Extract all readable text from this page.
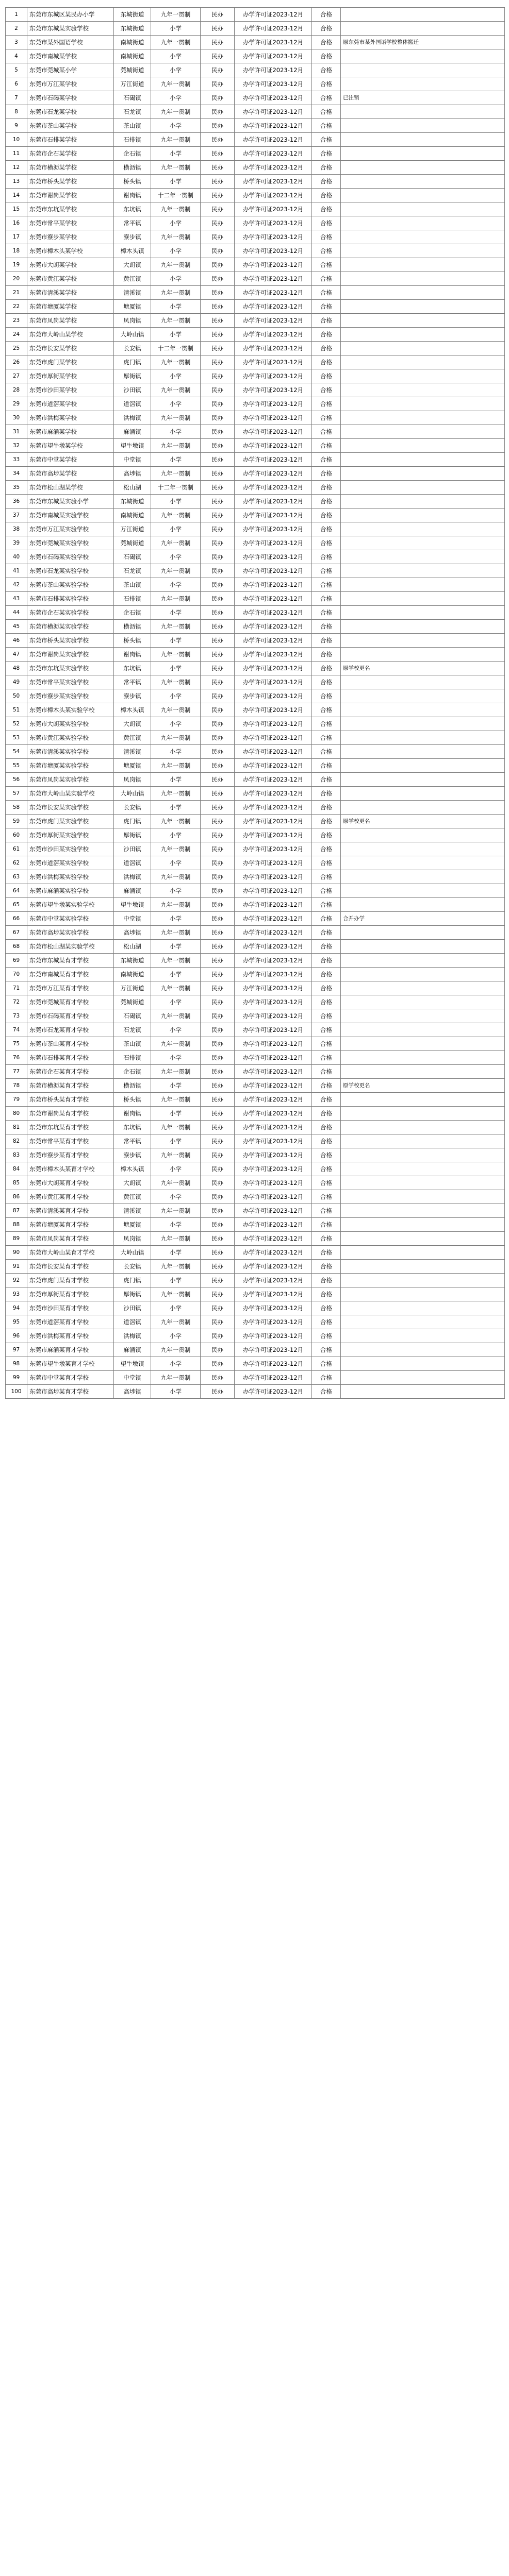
1	东莞市东城区某民办小学	东城街道	九年一贯制	民办	办学许可证2023-12月	合格	
2	东莞市东城某实验学校	东城街道	小学	民办	办学许可证2023-12月	合格	
3	东莞市某外国语学校	南城街道	九年一贯制	民办	办学许可证2023-12月	合格	原东莞市某外国语学校整体搬迁
4	东莞市南城某学校	南城街道	小学	民办	办学许可证2023-12月	合格	
5	东莞市莞城某小学	莞城街道	小学	民办	办学许可证2023-12月	合格	
6	东莞市万江某学校	万江街道	九年一贯制	民办	办学许可证2023-12月	合格	
7	东莞市石碣某学校	石碣镇	小学	民办	办学许可证2023-12月	合格	已注销
8	东莞市石龙某学校	石龙镇	九年一贯制	民办	办学许可证2023-12月	合格	
9	东莞市茶山某学校	茶山镇	小学	民办	办学许可证2023-12月	合格	
10	东莞市石排某学校	石排镇	九年一贯制	民办	办学许可证2023-12月	合格	
11	东莞市企石某学校	企石镇	小学	民办	办学许可证2023-12月	合格	
12	东莞市横沥某学校	横沥镇	九年一贯制	民办	办学许可证2023-12月	合格	
13	东莞市桥头某学校	桥头镇	小学	民办	办学许可证2023-12月	合格	
14	东莞市谢岗某学校	谢岗镇	十二年一贯制	民办	办学许可证2023-12月	合格	
15	东莞市东坑某学校	东坑镇	九年一贯制	民办	办学许可证2023-12月	合格	
16	东莞市常平某学校	常平镇	小学	民办	办学许可证2023-12月	合格	
17	东莞市寮步某学校	寮步镇	九年一贯制	民办	办学许可证2023-12月	合格	
18	东莞市樟木头某学校	樟木头镇	小学	民办	办学许可证2023-12月	合格	
19	东莞市大朗某学校	大朗镇	九年一贯制	民办	办学许可证2023-12月	合格	
20	东莞市黄江某学校	黄江镇	小学	民办	办学许可证2023-12月	合格	
21	东莞市清溪某学校	清溪镇	九年一贯制	民办	办学许可证2023-12月	合格	
22	东莞市塘厦某学校	塘厦镇	小学	民办	办学许可证2023-12月	合格	
23	东莞市凤岗某学校	凤岗镇	九年一贯制	民办	办学许可证2023-12月	合格	
24	东莞市大岭山某学校	大岭山镇	小学	民办	办学许可证2023-12月	合格	
25	东莞市长安某学校	长安镇	十二年一贯制	民办	办学许可证2023-12月	合格	
26	东莞市虎门某学校	虎门镇	九年一贯制	民办	办学许可证2023-12月	合格	
27	东莞市厚街某学校	厚街镇	小学	民办	办学许可证2023-12月	合格	
28	东莞市沙田某学校	沙田镇	九年一贯制	民办	办学许可证2023-12月	合格	
29	东莞市道滘某学校	道滘镇	小学	民办	办学许可证2023-12月	合格	
30	东莞市洪梅某学校	洪梅镇	九年一贯制	民办	办学许可证2023-12月	合格	
31	东莞市麻涌某学校	麻涌镇	小学	民办	办学许可证2023-12月	合格	
32	东莞市望牛墩某学校	望牛墩镇	九年一贯制	民办	办学许可证2023-12月	合格	
33	东莞市中堂某学校	中堂镇	小学	民办	办学许可证2023-12月	合格	
34	东莞市高埗某学校	高埗镇	九年一贯制	民办	办学许可证2023-12月	合格	
35	东莞市松山湖某学校	松山湖	十二年一贯制	民办	办学许可证2023-12月	合格	
36	东莞市东城某实验小学	东城街道	小学	民办	办学许可证2023-12月	合格	
37	东莞市南城某实验学校	南城街道	九年一贯制	民办	办学许可证2023-12月	合格	
38	东莞市万江某实验学校	万江街道	小学	民办	办学许可证2023-12月	合格	
39	东莞市莞城某实验学校	莞城街道	九年一贯制	民办	办学许可证2023-12月	合格	
40	东莞市石碣某实验学校	石碣镇	小学	民办	办学许可证2023-12月	合格	
41	东莞市石龙某实验学校	石龙镇	九年一贯制	民办	办学许可证2023-12月	合格	
42	东莞市茶山某实验学校	茶山镇	小学	民办	办学许可证2023-12月	合格	
43	东莞市石排某实验学校	石排镇	九年一贯制	民办	办学许可证2023-12月	合格	
44	东莞市企石某实验学校	企石镇	小学	民办	办学许可证2023-12月	合格	
45	东莞市横沥某实验学校	横沥镇	九年一贯制	民办	办学许可证2023-12月	合格	
46	东莞市桥头某实验学校	桥头镇	小学	民办	办学许可证2023-12月	合格	
47	东莞市谢岗某实验学校	谢岗镇	九年一贯制	民办	办学许可证2023-12月	合格	
48	东莞市东坑某实验学校	东坑镇	小学	民办	办学许可证2023-12月	合格	原学校更名
49	东莞市常平某实验学校	常平镇	九年一贯制	民办	办学许可证2023-12月	合格	
50	东莞市寮步某实验学校	寮步镇	小学	民办	办学许可证2023-12月	合格	
51	东莞市樟木头某实验学校	樟木头镇	九年一贯制	民办	办学许可证2023-12月	合格	
52	东莞市大朗某实验学校	大朗镇	小学	民办	办学许可证2023-12月	合格	
53	东莞市黄江某实验学校	黄江镇	九年一贯制	民办	办学许可证2023-12月	合格	
54	东莞市清溪某实验学校	清溪镇	小学	民办	办学许可证2023-12月	合格	
55	东莞市塘厦某实验学校	塘厦镇	九年一贯制	民办	办学许可证2023-12月	合格	
56	东莞市凤岗某实验学校	凤岗镇	小学	民办	办学许可证2023-12月	合格	
57	东莞市大岭山某实验学校	大岭山镇	九年一贯制	民办	办学许可证2023-12月	合格	
58	东莞市长安某实验学校	长安镇	小学	民办	办学许可证2023-12月	合格	
59	东莞市虎门某实验学校	虎门镇	九年一贯制	民办	办学许可证2023-12月	合格	原学校更名
60	东莞市厚街某实验学校	厚街镇	小学	民办	办学许可证2023-12月	合格	
61	东莞市沙田某实验学校	沙田镇	九年一贯制	民办	办学许可证2023-12月	合格	
62	东莞市道滘某实验学校	道滘镇	小学	民办	办学许可证2023-12月	合格	
63	东莞市洪梅某实验学校	洪梅镇	九年一贯制	民办	办学许可证2023-12月	合格	
64	东莞市麻涌某实验学校	麻涌镇	小学	民办	办学许可证2023-12月	合格	
65	东莞市望牛墩某实验学校	望牛墩镇	九年一贯制	民办	办学许可证2023-12月	合格	
66	东莞市中堂某实验学校	中堂镇	小学	民办	办学许可证2023-12月	合格	合并办学
67	东莞市高埗某实验学校	高埗镇	九年一贯制	民办	办学许可证2023-12月	合格	
68	东莞市松山湖某实验学校	松山湖	小学	民办	办学许可证2023-12月	合格	
69	东莞市东城某育才学校	东城街道	九年一贯制	民办	办学许可证2023-12月	合格	
70	东莞市南城某育才学校	南城街道	小学	民办	办学许可证2023-12月	合格	
71	东莞市万江某育才学校	万江街道	九年一贯制	民办	办学许可证2023-12月	合格	
72	东莞市莞城某育才学校	莞城街道	小学	民办	办学许可证2023-12月	合格	
73	东莞市石碣某育才学校	石碣镇	九年一贯制	民办	办学许可证2023-12月	合格	
74	东莞市石龙某育才学校	石龙镇	小学	民办	办学许可证2023-12月	合格	
75	东莞市茶山某育才学校	茶山镇	九年一贯制	民办	办学许可证2023-12月	合格	
76	东莞市石排某育才学校	石排镇	小学	民办	办学许可证2023-12月	合格	
77	东莞市企石某育才学校	企石镇	九年一贯制	民办	办学许可证2023-12月	合格	
78	东莞市横沥某育才学校	横沥镇	小学	民办	办学许可证2023-12月	合格	原学校更名
79	东莞市桥头某育才学校	桥头镇	九年一贯制	民办	办学许可证2023-12月	合格	
80	东莞市谢岗某育才学校	谢岗镇	小学	民办	办学许可证2023-12月	合格	
81	东莞市东坑某育才学校	东坑镇	九年一贯制	民办	办学许可证2023-12月	合格	
82	东莞市常平某育才学校	常平镇	小学	民办	办学许可证2023-12月	合格	
83	东莞市寮步某育才学校	寮步镇	九年一贯制	民办	办学许可证2023-12月	合格	
84	东莞市樟木头某育才学校	樟木头镇	小学	民办	办学许可证2023-12月	合格	
85	东莞市大朗某育才学校	大朗镇	九年一贯制	民办	办学许可证2023-12月	合格	
86	东莞市黄江某育才学校	黄江镇	小学	民办	办学许可证2023-12月	合格	
87	东莞市清溪某育才学校	清溪镇	九年一贯制	民办	办学许可证2023-12月	合格	
88	东莞市塘厦某育才学校	塘厦镇	小学	民办	办学许可证2023-12月	合格	
89	东莞市凤岗某育才学校	凤岗镇	九年一贯制	民办	办学许可证2023-12月	合格	
90	东莞市大岭山某育才学校	大岭山镇	小学	民办	办学许可证2023-12月	合格	
91	东莞市长安某育才学校	长安镇	九年一贯制	民办	办学许可证2023-12月	合格	
92	东莞市虎门某育才学校	虎门镇	小学	民办	办学许可证2023-12月	合格	
93	东莞市厚街某育才学校	厚街镇	九年一贯制	民办	办学许可证2023-12月	合格	
94	东莞市沙田某育才学校	沙田镇	小学	民办	办学许可证2023-12月	合格	
95	东莞市道滘某育才学校	道滘镇	九年一贯制	民办	办学许可证2023-12月	合格	
96	东莞市洪梅某育才学校	洪梅镇	小学	民办	办学许可证2023-12月	合格	
97	东莞市麻涌某育才学校	麻涌镇	九年一贯制	民办	办学许可证2023-12月	合格	
98	东莞市望牛墩某育才学校	望牛墩镇	小学	民办	办学许可证2023-12月	合格	
99	东莞市中堂某育才学校	中堂镇	九年一贯制	民办	办学许可证2023-12月	合格	
100	东莞市高埗某育才学校	高埗镇	小学	民办	办学许可证2023-12月	合格	
